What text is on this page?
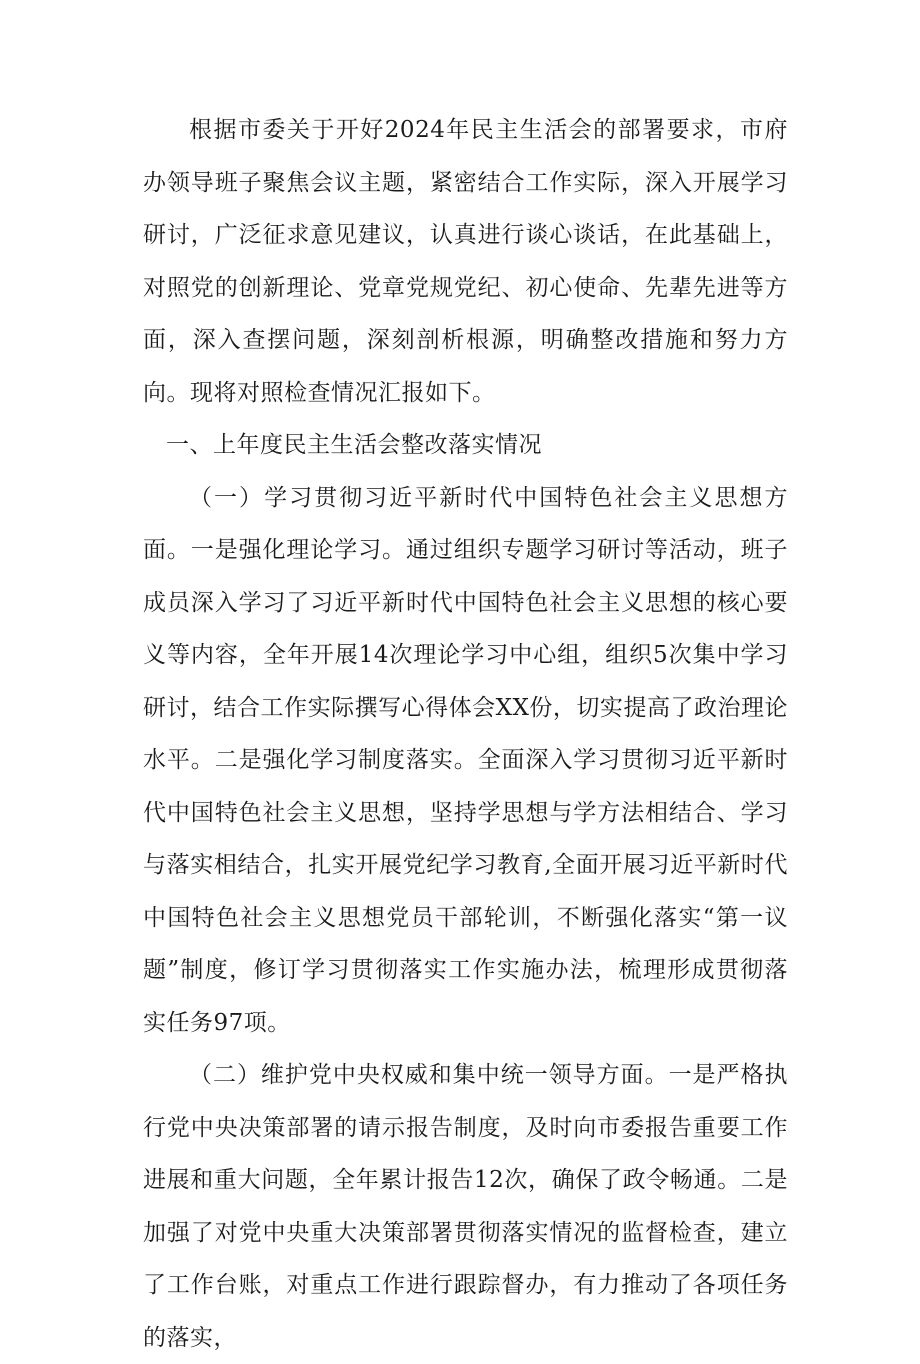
根据市委关于开好2024年民主生活会的部署要求，市府办领导班子聚焦会议主题，紧密结合工作实际，深入开展学习研讨，广泛征求意见建议，认真进行谈心谈话，在此基础上，对照党的创新理论、党章党规党纪、初心使命、先辈先进等方面，深入查摆问题，深刻剖析根源，明确整改措施和努力方向。现将对照检查情况汇报如下。

一、上年度民主生活会整改落实情况

（一）学习贯彻习近平新时代中国特色社会主义思想方面。一是强化理论学习。通过组织专题学习研讨等活动，班子成员深入学习了习近平新时代中国特色社会主义思想的核心要义等内容，全年开展14次理论学习中心组，组织5次集中学习研讨，结合工作实际撰写心得体会XX份，切实提高了政治理论水平。二是强化学习制度落实。全面深入学习贯彻习近平新时代中国特色社会主义思想，坚持学思想与学方法相结合、学习与落实相结合，扎实开展党纪学习教育,全面开展习近平新时代中国特色社会主义思想党员干部轮训，不断强化落实“第一议题”制度，修订学习贯彻落实工作实施办法，梳理形成贯彻落实任务97项。

（二）维护党中央权威和集中统一领导方面。一是严格执行党中央决策部署的请示报告制度，及时向市委报告重要工作进展和重大问题，全年累计报告12次，确保了政令畅通。二是加强了对党中央重大决策部署贯彻落实情况的监督检查，建立了工作台账，对重点工作进行跟踪督办，有力推动了各项任务的落实，
